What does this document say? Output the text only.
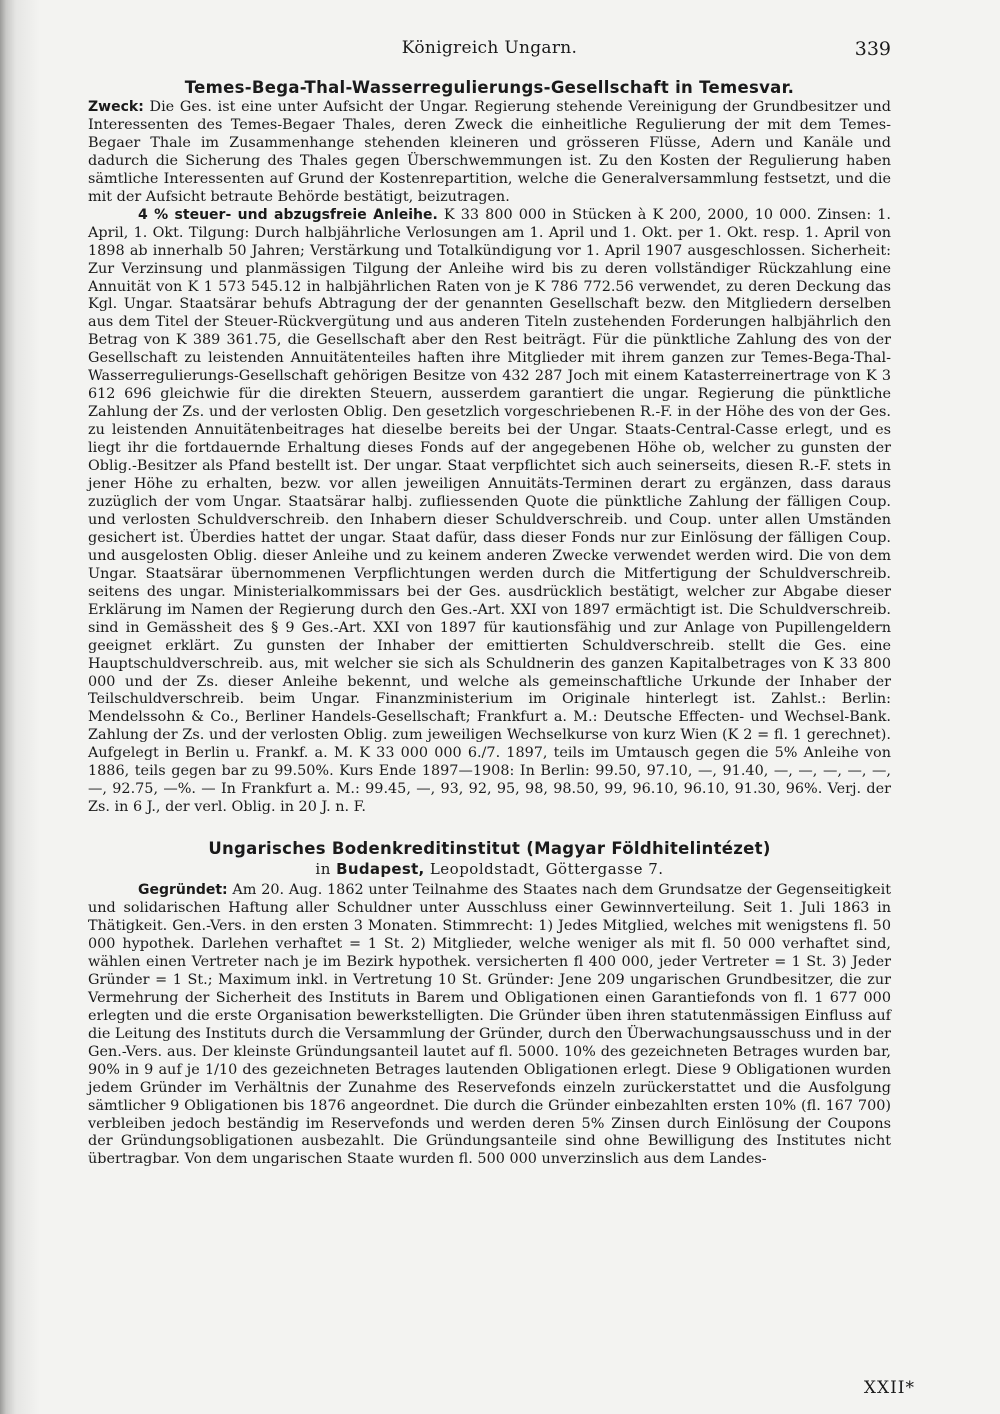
Königreich Ungarn.	339
Temes-Bega-Thal-Wasserregulierungs-Gesellschaft in Temesvar.

Zweck: Die Ges. ist eine unter Aufsicht der Ungar. Regierung stehende Vereinigung der Grundbesitzer und Interessenten des Temes-Begaer Thales, deren Zweck die einheitliche Regulierung der mit dem Temes-Begaer Thale im Zusammenhange stehenden kleineren und grösseren Flüsse, Adern und Kanäle und dadurch die Sicherung des Thales gegen Überschwemmungen ist. Zu den Kosten der Regulierung haben sämtliche Interessenten auf Grund der Kostenrepartition, welche die Generalversammlung festsetzt, und die mit der Aufsicht betraute Behörde bestätigt, beizutragen.

4 % steuer- und abzugsfreie Anleihe. K 33 800 000 in Stücken à K 200, 2000, 10 000. Zinsen: 1. April, 1. Okt. Tilgung: Durch halbjährliche Verlosungen am 1. April und 1. Okt. per 1. Okt. resp. 1. April von 1898 ab innerhalb 50 Jahren; Verstärkung und Totalkündigung vor 1. April 1907 ausgeschlossen. Sicherheit: Zur Verzinsung und planmässigen Tilgung der Anleihe wird bis zu deren vollständiger Rückzahlung eine Annuität von K 1 573 545.12 in halbjährlichen Raten von je K 786 772.56 verwendet, zu deren Deckung das Kgl. Ungar. Staatsärar behufs Abtragung der der genannten Gesellschaft bezw. den Mitgliedern derselben aus dem Titel der Steuer-Rückvergütung und aus anderen Titeln zustehenden Forderungen halbjährlich den Betrag von K 389 361.75, die Gesellschaft aber den Rest beiträgt. Für die pünktliche Zahlung des von der Gesellschaft zu leistenden Annuitätenteiles haften ihre Mitglieder mit ihrem ganzen zur Temes-Bega-Thal-Wasserregulierungs-Gesellschaft gehörigen Besitze von 432 287 Joch mit einem Katasterreinertrage von K 3 612 696 gleichwie für die direkten Steuern, ausserdem garantiert die ungar. Regierung die pünktliche Zahlung der Zs. und der verlosten Oblig. Den gesetzlich vorgeschriebenen R.-F. in der Höhe des von der Ges. zu leistenden Annuitätenbeitrages hat dieselbe bereits bei der Ungar. Staats-Central-Casse erlegt, und es liegt ihr die fortdauernde Erhaltung dieses Fonds auf der angegebenen Höhe ob, welcher zu gunsten der Oblig.-Besitzer als Pfand bestellt ist. Der ungar. Staat verpflichtet sich auch seinerseits, diesen R.-F. stets in jener Höhe zu erhalten, bezw. vor allen jeweiligen Annuitäts-Terminen derart zu ergänzen, dass daraus zuzüglich der vom Ungar. Staatsärar halbj. zufliessenden Quote die pünktliche Zahlung der fälligen Coup. und verlosten Schuldverschreib. den Inhabern dieser Schuldverschreib. und Coup. unter allen Umständen gesichert ist. Überdies hattet der ungar. Staat dafür, dass dieser Fonds nur zur Einlösung der fälligen Coup. und ausgelosten Oblig. dieser Anleihe und zu keinem anderen Zwecke verwendet werden wird. Die von dem Ungar. Staatsärar übernommenen Verpflichtungen werden durch die Mitfertigung der Schuldverschreib. seitens des ungar. Ministerialkommissars bei der Ges. ausdrücklich bestätigt, welcher zur Abgabe dieser Erklärung im Namen der Regierung durch den Ges.-Art. XXI von 1897 ermächtigt ist. Die Schuldverschreib. sind in Gemässheit des § 9 Ges.-Art. XXI von 1897 für kautionsfähig und zur Anlage von Pupillengeldern geeignet erklärt. Zu gunsten der Inhaber der emittierten Schuldverschreib. stellt die Ges. eine Hauptschuldverschreib. aus, mit welcher sie sich als Schuldnerin des ganzen Kapitalbetrages von K 33 800 000 und der Zs. dieser Anleihe bekennt, und welche als gemeinschaftliche Urkunde der Inhaber der Teilschuldverschreib. beim Ungar. Finanzministerium im Originale hinterlegt ist. Zahlst.: Berlin: Mendelssohn & Co., Berliner Handels-Gesellschaft; Frankfurt a. M.: Deutsche Effecten- und Wechsel-Bank. Zahlung der Zs. und der verlosten Oblig. zum jeweiligen Wechselkurse von kurz Wien (K 2 = fl. 1 gerechnet). Aufgelegt in Berlin u. Frankf. a. M. K 33 000 000 6./7. 1897, teils im Umtausch gegen die 5% Anleihe von 1886, teils gegen bar zu 99.50%. Kurs Ende 1897—1908: In Berlin: 99.50, 97.10, —, 91.40, —, —, —, —, —, —, 92.75, —%. — In Frankfurt a. M.: 99.45, —, 93, 92, 95, 98, 98.50, 99, 96.10, 96.10, 91.30, 96%. Verj. der Zs. in 6 J., der verl. Oblig. in 20 J. n. F.

Ungarisches Bodenkreditinstitut (Magyar Földhitelintézet)
in Budapest, Leopoldstadt, Göttergasse 7.

Gegründet: Am 20. Aug. 1862 unter Teilnahme des Staates nach dem Grundsatze der Gegenseitigkeit und solidarischen Haftung aller Schuldner unter Ausschluss einer Gewinnverteilung. Seit 1. Juli 1863 in Thätigkeit. Gen.-Vers. in den ersten 3 Monaten. Stimmrecht: 1) Jedes Mitglied, welches mit wenigstens fl. 50 000 hypothek. Darlehen verhaftet = 1 St. 2) Mitglieder, welche weniger als mit fl. 50 000 verhaftet sind, wählen einen Vertreter nach je im Bezirk hypothek. versicherten fl 400 000, jeder Vertreter = 1 St. 3) Jeder Gründer = 1 St.; Maximum inkl. in Vertretung 10 St. Gründer: Jene 209 ungarischen Grundbesitzer, die zur Vermehrung der Sicherheit des Instituts in Barem und Obligationen einen Garantiefonds von fl. 1 677 000 erlegten und die erste Organisation bewerkstelligten. Die Gründer üben ihren statutenmässigen Einfluss auf die Leitung des Instituts durch die Versammlung der Gründer, durch den Überwachungsausschuss und in der Gen.-Vers. aus. Der kleinste Gründungsanteil lautet auf fl. 5000. 10% des gezeichneten Betrages wurden bar, 90% in 9 auf je 1/10 des gezeichneten Betrages lautenden Obligationen erlegt. Diese 9 Obligationen wurden jedem Gründer im Verhältnis der Zunahme des Reservefonds einzeln zurückerstattet und die Ausfolgung sämtlicher 9 Obligationen bis 1876 angeordnet. Die durch die Gründer einbezahlten ersten 10% (fl. 167 700) verbleiben jedoch beständig im Reservefonds und werden deren 5% Zinsen durch Einlösung der Coupons der Gründungsobligationen ausbezahlt. Die Gründungsanteile sind ohne Bewilligung des Institutes nicht übertragbar. Von dem ungarischen Staate wurden fl. 500 000 unverzinslich aus dem Landes-

XXII*
